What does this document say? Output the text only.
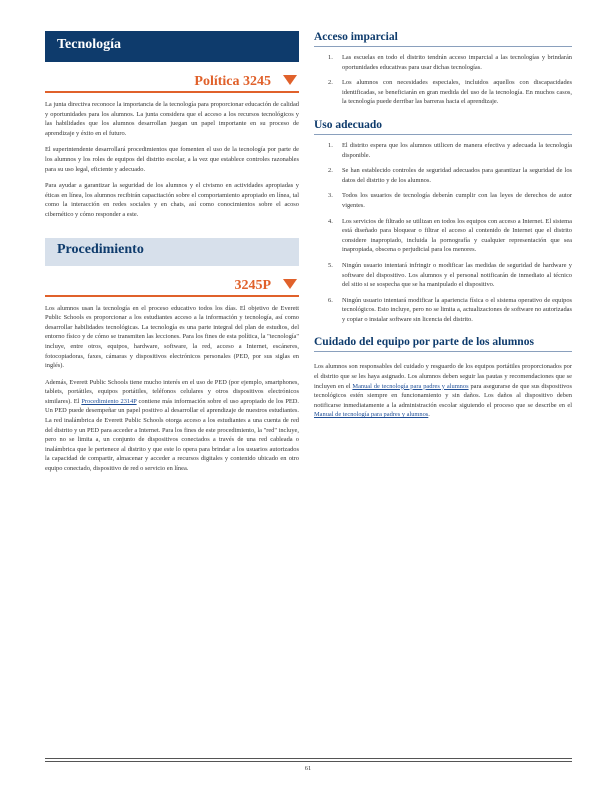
Tecnología
Política 3245

La junta directiva reconoce la importancia de la tecnología para proporcionar educación de calidad y oportunidades para los alumnos. La junta considera que el acceso a los recursos tecnológicos y las habilidades que los alumnos desarrollan juegan un papel importante en su proceso de aprendizaje y éxito en el futuro.

El superintendente desarrollará procedimientos que fomenten el uso de la tecnología por parte de los alumnos y los roles de equipos del distrito escolar, a la vez que establece controles razonables para su uso legal, eficiente y adecuado.

Para ayudar a garantizar la seguridad de los alumnos y el civismo en actividades apropiadas y éticas en línea, los alumnos recibirán capacitación sobre el comportamiento apropiado en línea, tal como la interacción en redes sociales y en chats, así como conocimientos sobre el acoso cibernético y cómo responder a este.

Procedimiento
3245P

Los alumnos usan la tecnología en el proceso educativo todos los días. El objetivo de Everett Public Schools es proporcionar a los estudiantes acceso a la información y tecnología, así como desarrollar habilidades tecnológicas. La tecnología es una parte integral del plan de estudios, del entorno físico y de cómo se transmiten las lecciones. Para los fines de esta política, la "tecnología" incluye, entre otros, equipos, hardware, software, la red, acceso a Internet, escáneres, fotocopiadoras, faxes, cámaras y dispositivos electrónicos personales (PED, por sus siglas en inglés).

Además, Everett Public Schools tiene mucho interés en el uso de PED (por ejemplo, smartphones, tablets, portátiles, equipos portátiles, teléfonos celulares y otros dispositivos electrónicos similares). El Procedimiento 2314P contiene más información sobre el uso apropiado de los PED. Un PED puede desempeñar un papel positivo al desarrollar el aprendizaje de nuestros estudiantes. La red inalámbrica de Everett Public Schools otorga acceso a los estudiantes a una cuenta de red del distrito y un PED para acceder a Internet. Para los fines de este procedimiento, la "red" incluye, pero no se limita a, un conjunto de dispositivos conectados a través de una red cableada o inalámbrica que le pertenece al distrito y que este lo opera para brindar a los usuarios autorizados la capacidad de compartir, almacenar y acceder a recursos digitales y contenido ubicado en otro equipo conectado, dispositivo de red o servicio en línea.

Acceso imparcial
1. Las escuelas en todo el distrito tendrán acceso imparcial a las tecnologías y brindarán oportunidades educativas para usar dichas tecnologías.
2. Los alumnos con necesidades especiales, incluidos aquellos con discapacidades identificadas, se beneficiarán en gran medida del uso de la tecnología. En muchos casos, la tecnología puede derribar las barreras hacia el aprendizaje.
Uso adecuado
1. El distrito espera que los alumnos utilicen de manera efectiva y adecuada la tecnología disponible.
2. Se han establecido controles de seguridad adecuados para garantizar la seguridad de los datos del distrito y de los alumnos.
3. Todos los usuarios de tecnología deberán cumplir con las leyes de derechos de autor vigentes.
4. Los servicios de filtrado se utilizan en todos los equipos con acceso a Internet. El sistema está diseñado para bloquear o filtrar el acceso al contenido de Internet que el distrito considere inapropiado, incluida la pornografía y cualquier representación que sea inapropiada, obscena o perjudicial para los menores.
5. Ningún usuario intentará infringir o modificar las medidas de seguridad de hardware y software del dispositivo. Los alumnos y el personal notificarán de inmediato al técnico del sitio si se sospecha que se ha manipulado el dispositivo.
6. Ningún usuario intentará modificar la apariencia física o el sistema operativo de equipos tecnológicos. Esto incluye, pero no se limita a, actualizaciones de software no autorizadas y copiar o instalar software sin licencia del distrito.
Cuidado del equipo por parte de los alumnos

Los alumnos son responsables del cuidado y resguardo de los equipos portátiles proporcionados por el distrito que se les haya asignado. Los alumnos deben seguir las pautas y recomendaciones que se incluyen en el Manual de tecnología para padres y alumnos para asegurarse de que sus dispositivos tecnológicos estén siempre en funcionamiento y sin daños. Los daños al dispositivo deben notificarse inmediatamente a la administración escolar siguiendo el proceso que se describe en el Manual de tecnología para padres y alumnos.

61
